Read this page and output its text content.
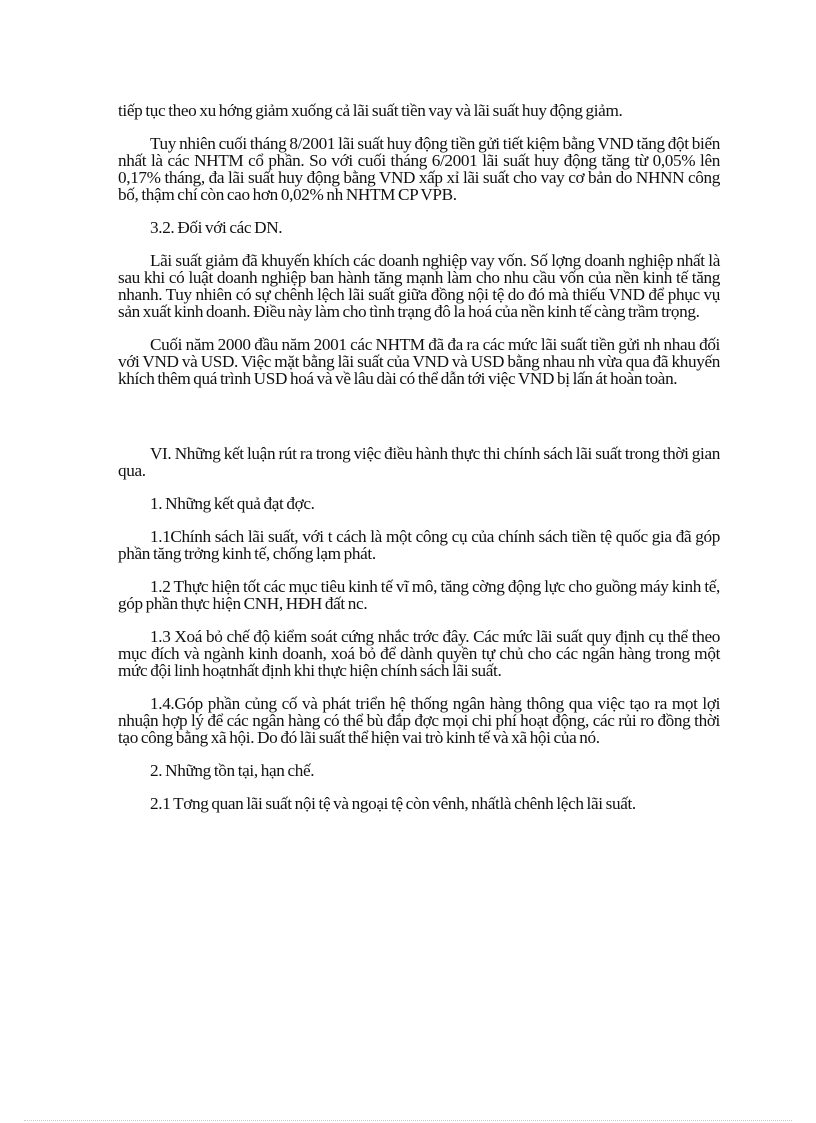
tiếp tục theo xu hớng giảm xuống cả lãi suất tiền vay và lãi suất huy động giảm.

Tuy nhiên cuối tháng 8/2001 lãi suất huy động tiền gửi tiết kiệm bằng VND tăng đột biến nhất là các NHTM cổ phần. So với cuối tháng 6/2001 lãi suất huy động tăng từ 0,05% lên 0,17% tháng, đa lãi suất huy động bằng VND xấp xỉ lãi suất cho vay cơ bản do NHNN công bố, thậm chí còn cao hơn 0,02% nh NHTM CP VPB.

3.2. Đối với các DN.

Lãi suất giảm đã khuyến khích các doanh nghiệp vay vốn. Số lợng doanh nghiệp nhất là sau khi có luật doanh nghiệp ban hành tăng mạnh làm cho nhu cầu vốn của nền kinh tế tăng nhanh. Tuy nhiên có sự chênh lệch lãi suất giữa đồng nội tệ do đó mà thiếu VND để phục vụ sản xuất kinh doanh. Điều này làm cho tình trạng đô la hoá của nền kinh tế càng trầm trọng.

Cuối năm 2000 đầu năm 2001 các NHTM đã đa ra các mức lãi suất tiền gửi nh nhau đối với VND và USD. Việc mặt bằng lãi suất của VND và USD bằng nhau nh vừa qua đã khuyến khích thêm quá trình USD hoá và về lâu dài có thể dẫn tới việc VND bị lấn át hoàn toàn.

VI. Những kết luận rút ra trong việc điều hành thực thi chính sách lãi suất trong thời gian qua.

1. Những kết quả đạt đợc.

1.1Chính sách lãi suất, với t cách là một công cụ của chính sách tiền tệ quốc gia đã góp phần tăng trởng kinh tế, chống lạm phát.

1.2 Thực hiện tốt các mục tiêu kinh tế vĩ mô, tăng cờng động lực cho guồng máy kinh tế, góp phần thực hiện CNH, HĐH đất nc.

1.3 Xoá bỏ chế độ kiểm soát cứng nhắc trớc đây. Các mức lãi suất quy định cụ thể theo mục đích và ngành kinh doanh, xoá bỏ để dành quyền tự chủ cho các ngân hàng trong một mức đội linh hoạtnhất định khi thực hiện chính sách lãi suất.

1.4.Góp phần củng cố và phát triển hệ thống ngân hàng thông qua việc tạo ra mọt lợi nhuận hợp lý để các ngân hàng có thể bù đắp đợc mọi chi phí hoạt động, các rủi ro đồng thời tạo công bằng xã hội. Do đó lãi suất thể hiện vai trò kinh tế và xã hội của nó.

2. Những tồn tại, hạn chế.

2.1 Tơng quan lãi suất nội tệ và ngoại tệ còn vênh, nhấtlà chênh lệch lãi suất.
